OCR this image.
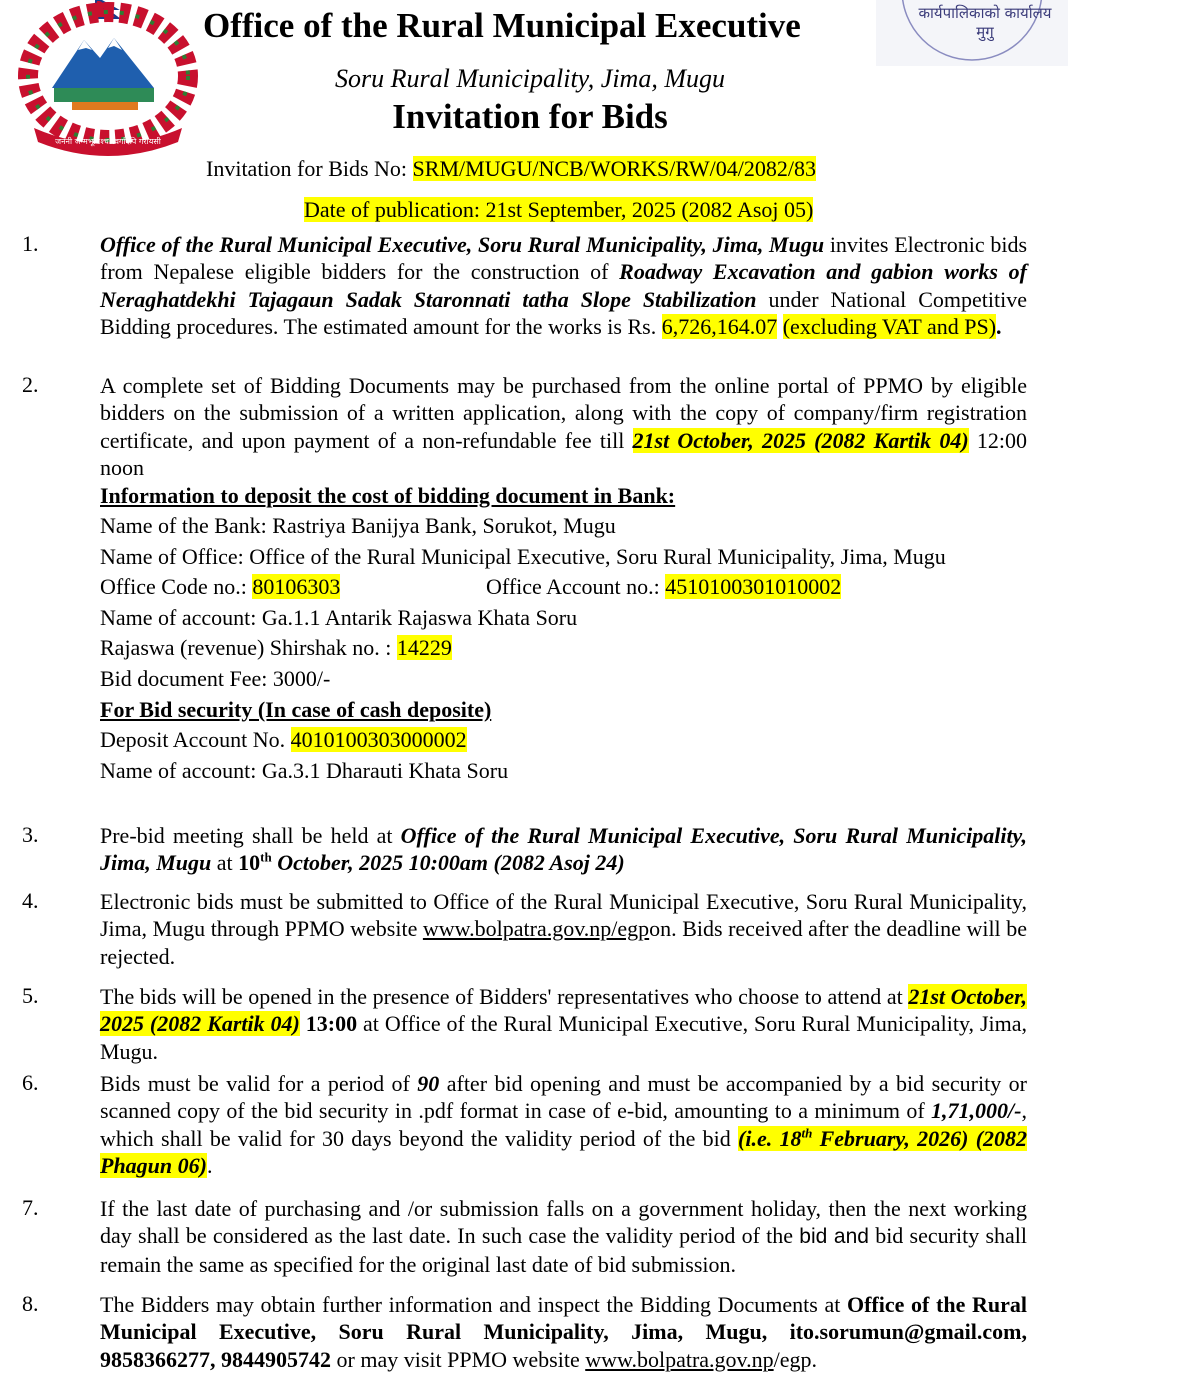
जननी जन्मभूमिश्च स्वर्गादपि गरीयसी
कार्यपालिकाको कार्यालय
मुगु
Office of the Rural Municipal Executive
Soru Rural Municipality, Jima, Mugu
Invitation for Bids
Invitation for Bids No: SRM/MUGU/NCB/WORKS/RW/04/2082/83
Date of publication: 21st September, 2025 (2082 Asoj 05)
1.	Office of the Rural Municipal Executive, Soru Rural Municipality, Jima, Mugu invites Electronic bids from Nepalese eligible bidders for the construction of Roadway Excavation and gabion works of Neraghatdekhi Tajagaun Sadak Staronnati tatha Slope Stabilization under National Competitive Bidding procedures. The estimated amount for the works is Rs. 6,726,164.07 (excluding VAT and PS).
2.	A complete set of Bidding Documents may be purchased from the online portal of PPMO by eligible bidders on the submission of a written application, along with the copy of company/firm registration certificate, and upon payment of a non-refundable fee till 21st October, 2025 (2082 Kartik 04) 12:00 noon
Information to deposit the cost of bidding document in Bank:
Name of the Bank: Rastriya Banijya Bank, Sorukot, Mugu
Name of Office: Office of the Rural Municipal Executive, Soru Rural Municipality, Jima, Mugu
Office Code no.: 80106303	Office Account no.: 4510100301010002
Name of account: Ga.1.1 Antarik Rajaswa Khata Soru
Rajaswa (revenue) Shirshak no. : 14229
Bid document Fee: 3000/-
For Bid security (In case of cash deposite)
Deposit Account No. 4010100303000002
Name of account: Ga.3.1 Dharauti Khata Soru
3.	Pre-bid meeting shall be held at Office of the Rural Municipal Executive, Soru Rural Municipality, Jima, Mugu at 10th October, 2025 10:00am (2082 Asoj 24)
4.	Electronic bids must be submitted to Office of the Rural Municipal Executive, Soru Rural Municipality, Jima, Mugu through PPMO website www.bolpatra.gov.np/egpon. Bids received after the deadline will be rejected.
5.	The bids will be opened in the presence of Bidders' representatives who choose to attend at 21st October, 2025 (2082 Kartik 04) 13:00 at Office of the Rural Municipal Executive, Soru Rural Municipality, Jima, Mugu.
6.	Bids must be valid for a period of 90 after bid opening and must be accompanied by a bid security or scanned copy of the bid security in .pdf format in case of e-bid, amounting to a minimum of 1,71,000/-, which shall be valid for 30 days beyond the validity period of the bid (i.e. 18th February, 2026) (2082 Phagun 06).
7.	If the last date of purchasing and /or submission falls on a government holiday, then the next working day shall be considered as the last date. In such case the validity period of the bid and bid security shall remain the same as specified for the original last date of bid submission.
8.	The Bidders may obtain further information and inspect the Bidding Documents at Office of the Rural Municipal Executive, Soru Rural Municipality, Jima, Mugu, ito.sorumun@gmail.com, 9858366277, 9844905742 or may visit PPMO website www.bolpatra.gov.np/egp.
